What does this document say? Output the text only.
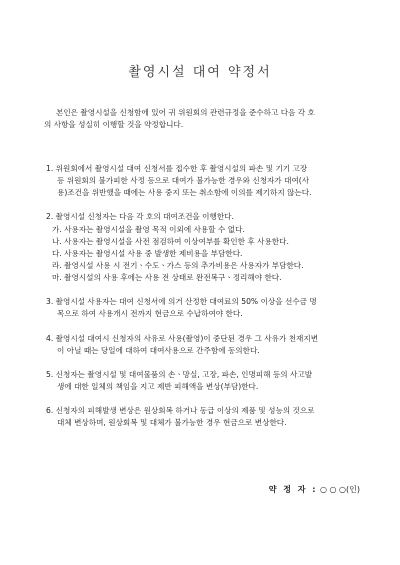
촬영시설 대여 약정서
본인은 촬영시설을 신청함에 있어 귀 위원회의 관련규정을 준수하고 다음 각 호
의 사항을 성실히 이행할 것을 약정합니다.
1. 위원회에서 촬영시설 대여 신청서를 접수한 후 촬영시설의 파손 및 기기 고장
등 위원회의 불가피한 사정 등으로 대여가 불가능한 경우와 신청자가 대여(사
용)조건을 위반했을 때에는 사용 중지 또는 취소함에 이의를 제기하지 않는다.
2. 촬영시설 신청자는 다음 각 호의 대여조건을 이행한다.
가. 사용자는 촬영시설을 촬영 목적 이외에 사용할 수 없다.
나. 사용자는 촬영시설을 사전 점검하여 이상여부를 확인한 후 사용한다.
다. 사용자는 촬영시설 사용 중 발생한 제비용을 부담한다.
라. 촬영시설 사용 시 전기ㆍ수도ㆍ가스 등의 추가비용은 사용자가 부담한다.
마. 촬영시설의 사용 후에는 사용 전 상태로 완전복구ㆍ정리해야 한다.
3. 촬영시설 사용자는 대여 신청서에 의거 산정한 대여료의 50% 이상을 선수금 명
목으로 하여 사용개시 전까지 현금으로 수납하여야 한다.
4. 촬영시설 대여시 신청자의 사유로 사용(촬영)이 중단된 경우 그 사유가 천재지변
이 아닐 때는 당일에 대하여 대여사용으로 간주함에 동의한다.
5. 신청자는 촬영시설 및 대여물품의 손ㆍ망실, 고장, 파손, 인명피해 등의 사고발
생에 대한 일체의 책임을 지고 제반 피해액을 변상(부담)한다.
6. 신청자의 피해발생 변상은 원상회복 하거나 동급 이상의 제품 및 성능의 것으로
대체 변상하며, 원상회복 및 대체가 불가능한 경우 현금으로 변상한다.
약 정 자 : ○ ○ ○(인)
